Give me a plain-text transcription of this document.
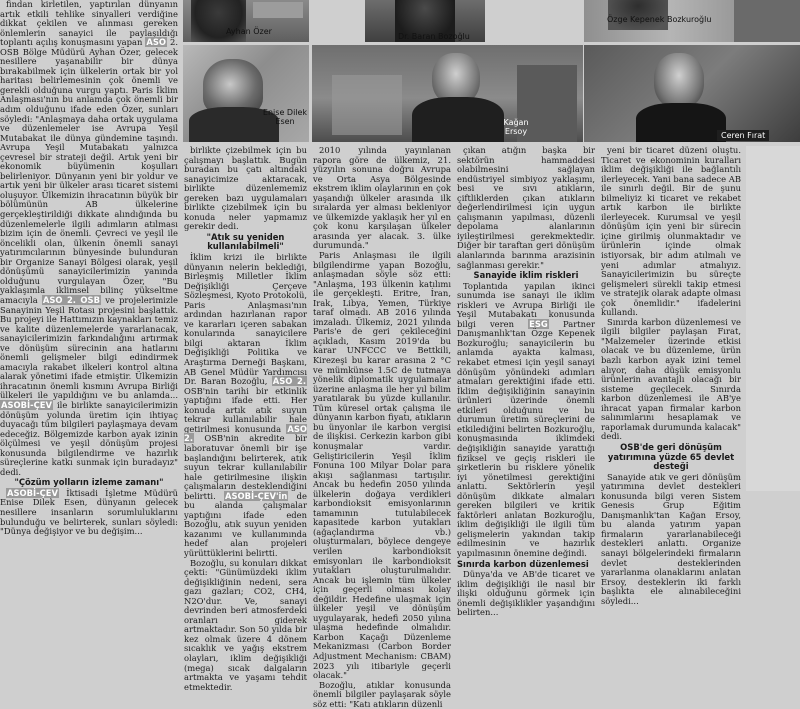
Ayhan Özer
Dr. Baran Bozoğlu
Özge Kepenek Bozkuroğlu
Enise Dilek Esen	Kağan Ersoy	Ceren Fırat

findan kirletilen, yaptırılan dünyanın artık etkili tehlike sinyalleri verdiğine dikkat çekilen ve alınması gereken önlemlerin sanayici ile paylaşıldığı toplantı açılış konuşmasını yapan ASO 2. OSB Bölge Müdürü Ayhan Özer, gelecek nesillere yaşanabilir bir dünya bırakabilmek için ülkelerin ortak bir yol haritası belirlemesinin çok önemli ve gerekli olduğuna vurgu yaptı. Paris İklim Anlaşması'nın bu anlamda çok önemli bir adım olduğunu ifade eden Özer, sunları söyledi: "Anlaşmaya daha ortak uygulama ve düzenlemeler ise Avrupa Yeşil Mutabakat ile dünya gündemine taşındı. Avrupa Yeşil Mutabakatı yalnızca çevresel bir strateji değil. Artık yeni bir ekonomik büyümenin koşulları belirleniyor. Dünyanın yeni bir yoldur ve artık yeni bir ülkeler arası ticaret sistemi oluşuyor. Ülkemizin ihracatının büyük bir bölümünün AB ülkelerine gerçekleştirildiği dikkate alındığında bu düzenlemelerle ilgili adımların atılması bizim için de önemli. Çevreci ve yeşil ile öncelikli olan, ülkenin önemli sanayi yatırımcılarının bünyesinde bulunduran bir Organize Sanayi Bölgesi olarak, yeşil dönüşümü sanayicilerimizin yanında olduğunu vurgulayan Özer, "Bu yaklaşımla iklimsel bilinç yükseltme amacıyla ASO 2. OSB ve projelerimizle Sanayinin Yeşil Rotası projesini başlattık. Bu projeyi ile Hattımızın kaynakları temiz ve kalite düzenlemelerde yararlanacak, sanayicilerimizin farkındalığını artırmak ve dönüşüm sürecinin ana hatlarını önemli gelişmeler bilgi edindirmek amacıyla rakabet ilkeleri kontrol altına alarak yönetimi ifade etmiştir. Ülkemizin ihracatının önemli kısmını Avrupa Birliği ülkeleri ile yapıldığını ve bu anlamda... ASOBİ-ÇEV ile birlikte sanayicilerimizin dönüşüm yolunda üretim için ihtiyaç duyacağı tüm bilgileri paylaşmaya devam edeceğiz. Bölgemizde karbon ayak izinin ölçülmesi ve yeşil dönüşüm projesi konusunda bilgilendirme ve hazırlık süreçlerine katkı sunmak için buradayız" dedi.

"Çözüm yolların izleme zamanı"

ASOBİ-ÇEV İktisadi İşletme Müdürü Enise Dilek Esen, dünyanın gelecek nesillere insanların sorumluluklarını bulunduğu ve belirterek, sunları söyledi: "Dünya değişiyor ve bu değişim...

birlikte çizebilmek için bu çalışmayı başlattık. Bugün buradan bu çatı altındaki sanayicimize aktaracak, birlikte düzenlememiz gereken bazı uygulamaları birlikte çizebilmek için bu konuda neler yapmamız gerekir dedi.

"Atık su yeniden kullanılabilmeli"

İklim krizi ile birlikte dünyanın nelerin beklediği, Birleşmiş Milletler İklim Değişikliği Çerçeve Sözleşmesi, Kyoto Protokolü, Paris Anlaşması'nın ardından hazırlanan rapor ve kararları içeren sabakan konularında sanayicilere bilgi aktaran İklim Değişikliği Politika ve Araştırma Derneği Başkanı, AB Genel Müdür Yardımcısı Dr. Baran Bozoğlu, ASO 2. OSB'nin tarihi bir etkinlik yaptığını ifade etti. Her konuda artık atık suyun tekrar kullanılabilir hale getirilmesi konusunda ASO 2. OSB'nin akredite bir laboratuvar önemli bir işe başlandığını belirterek, atık suyun tekrar kullanılabilir hale getirilmesine ilişkin çalışmaların desteklendiğini belirtti. ASOBİ-ÇEV'in de bu alanda çalışmalar yaptığını ifade eden Bozoğlu, atık suyun yeniden kazanımı ve kullanımında hedef alan projeleri yürüttüklerini belirtti.

Bozoğlu, su konuları dikkat çekti: "Günümüzdeki iklim değişikliğinin nedeni, sera gazı gazları; CO2, CH4, N2O'dur. Ve, sanayi devrinden beri atmosferdeki oranları giderek artmaktadır. Son 50 yılda bir kez olmak üzere 4 dönem sıcaklık ve yağış ekstrem olayları, iklim değişikliği (mega) sıcak dalgaların artmakta ve yaşamı tehdit etmektedir.

2010 yılında yayınlanan rapora göre de ülkemiz, 21. yüzyılın sonuna doğru Avrupa ve Orta Asya Bölgesinde ekstrem iklim olaylarının en çok yaşandığı ülkeler arasında ilk sıralarda yer alması bekleniyor ve ülkemizde yaklaşık her yıl en çok konu karşılaşan ülkeler arasında yer alacak. 3. ülke durumunda."

Paris Anlaşması ile ilgili bilgilendirme yapan Bozoğlu, anlaşmadan söyle söz etti: "Anlaşma, 193 ülkenin katılımı ile gerçekleşti. Eritre, İran, Irak, Libya, Yemen, Türkiye taraf olmadı. AB 2016 yılında imzaladı. Ülkemiz, 2021 yılında Paris'e de geri çekileceğini açıkladı, Kasım 2019'da bu karar UNFCCC ve Bettkili, Kirezeşi bu karar arasına 2 °C ve mümkünse 1.5C de tutmaya yönelik diplomatik uygulamalar üzerine anlaşma ile her yıl bilim yaratılarak bu yüzde kullanılır. Tüm küresel ortak çalışma ile dünyanın karbon fiyatı, atıkların bu ünyonlar ile karbon vergisi de ilişkisi. Cerkezin karbon gibi konuşmalar vardır. Geliştiricilerin Yeşil İklim Fonuna 100 Milyar Dolar para akışı sağlanması tartışılır. Ancak bu hedefin 2050 yılında ülkelerin doğaya verdikleri karbondioksit emisyonlarının tamamının tutulabilecek kapasitede karbon yutakları (ağaçlandırma vb.) oluşturmaları, böylece dengeye verilen karbondioksit emisyonları ile karbondioksit yutakları oluşturulmalıdır. Ancak bu işlemin tüm ülkeler için geçerli olması kolay değildir. Hedefine ulaşmak için ülkeler yeşil ve dönüşüm uygulayarak, hedefi 2050 yılına ulaşma hedefinde olmalıdır. Karbon Kaçağı Düzenleme Mekanizması (Carbon Border Adjustment Mechanism: CBAM) 2023 yılı itibariyle geçerli olacak."

Bozoğlu, atıklar konusunda önemli bilgiler paylaşarak söyle söz etti: "Katı atıkların düzenli

çıkan atığın başka bir sektörün hammaddesi olabilmesini sağlayan endüstriyel simbiyoz yaklaşımı, besi ve sıvı atıkların, çiftliklerden çıkan atıkların değerlendirilmesi için uygun çalışmanın yapılması, düzenli depolama alanlarının iyileştirilmesi gerekmektedir. Diğer bir taraftan geri dönüşüm alanlarında barınma arazisinin sağlanması gerekir."

Sanayide iklim riskleri

Toplantıda yapılan ikinci sunumda ise sanayi ile iklim riskleri ve Avrupa Birliği ile Yeşil Mutabakatı konusunda bilgi veren ESG Partner Danışmanlık'tan Özge Kepenek Bozkuroğlu; sanayicilerin bu anlamda ayakta kalması, rekabet etmesi için yeşil sanayi dönüşüm yönündeki adımları atmaları gerektiğini ifade etti. İklim değişikliğinin sanayinin ürünleri üzerinde önemli etkileri olduğunu ve bu durumun üretim süreçlerini de etkilediğini belirten Bozkuroğlu, konuşmasında iklimdeki değişikliğin sanayide yarattığı fiziksel ve geçiş riskleri ile şirketlerin bu risklere yönelik iyi yönetilmesi gerektiğini anlattı. Sektörlerin yeşil dönüşüm dikkate almaları gereken bilgileri ve kritik faktörleri anlatan Bozkuroğlu, iklim değişikliği ile ilgili tüm gelişmelerin yakından takip edilmesinin ve hazırlık yapılmasının önemine değindi.

Sınırda karbon düzenlemesi

Dünya'da ve AB'de ticaret ve iklim değişikliği ile nasıl bir ilişki olduğunu görmek için önemli değişiklikler yaşandığını belirten...

yeni bir ticaret düzeni oluştu. Ticaret ve ekonominin kuralları iklim değişikliği ile bağlantılı ilerleyecek. Yani bana sadece AB ile sınırlı değil. Bir de şunu bilmeliyiz ki ticaret ve rekabet artık karbon ile birlikte ilerleyecek. Kurumsal ve yeşil dönüşüm için yeni bir sürecin içine girilmiş olunmaktadır ve ürünlerin içinde olmak istiyorsak, bir adım atılmalı ve yeni adımlar atmalıyız. Sanayicilerimizin bu süreçte gelişmeleri sürekli takip etmesi ve stratejik olarak adapte olması çok önemlidir." ifadelerini kullandı.

Sınırda karbon düzenlemesi ve ilgili bilgiler paylaşan Fırat, "Malzemeler üzerinde etkisi olacak ve bu düzenleme, ürün bazlı karbon ayak izini temel alıyor, daha düşük emisyonlu ürünlerin avantajlı olacağı bir sisteme geçilecek. Sınırda karbon düzenlemesi ile AB'ye ihracat yapan firmalar karbon salınımlarını hesaplamak ve raporlamak durumunda kalacak" dedi.

OSB'de geri dönüşüm yatırımına yüzde 65 devlet desteği

Sanayide atık ve geri dönüşüm yatırımına devlet destekleri konusunda bilgi veren Sistem Genesis Grup Eğitim Danışmanlık'tan Kağan Ersoy, bu alanda yatırım yapan firmaların yararlanabileceği destekleri anlattı. Organize sanayi bölgelerindeki firmaların devlet desteklerinden yararlanma olanaklarını anlatan Ersoy, desteklerin iki farklı başlıkta ele alınabileceğini söyledi...
